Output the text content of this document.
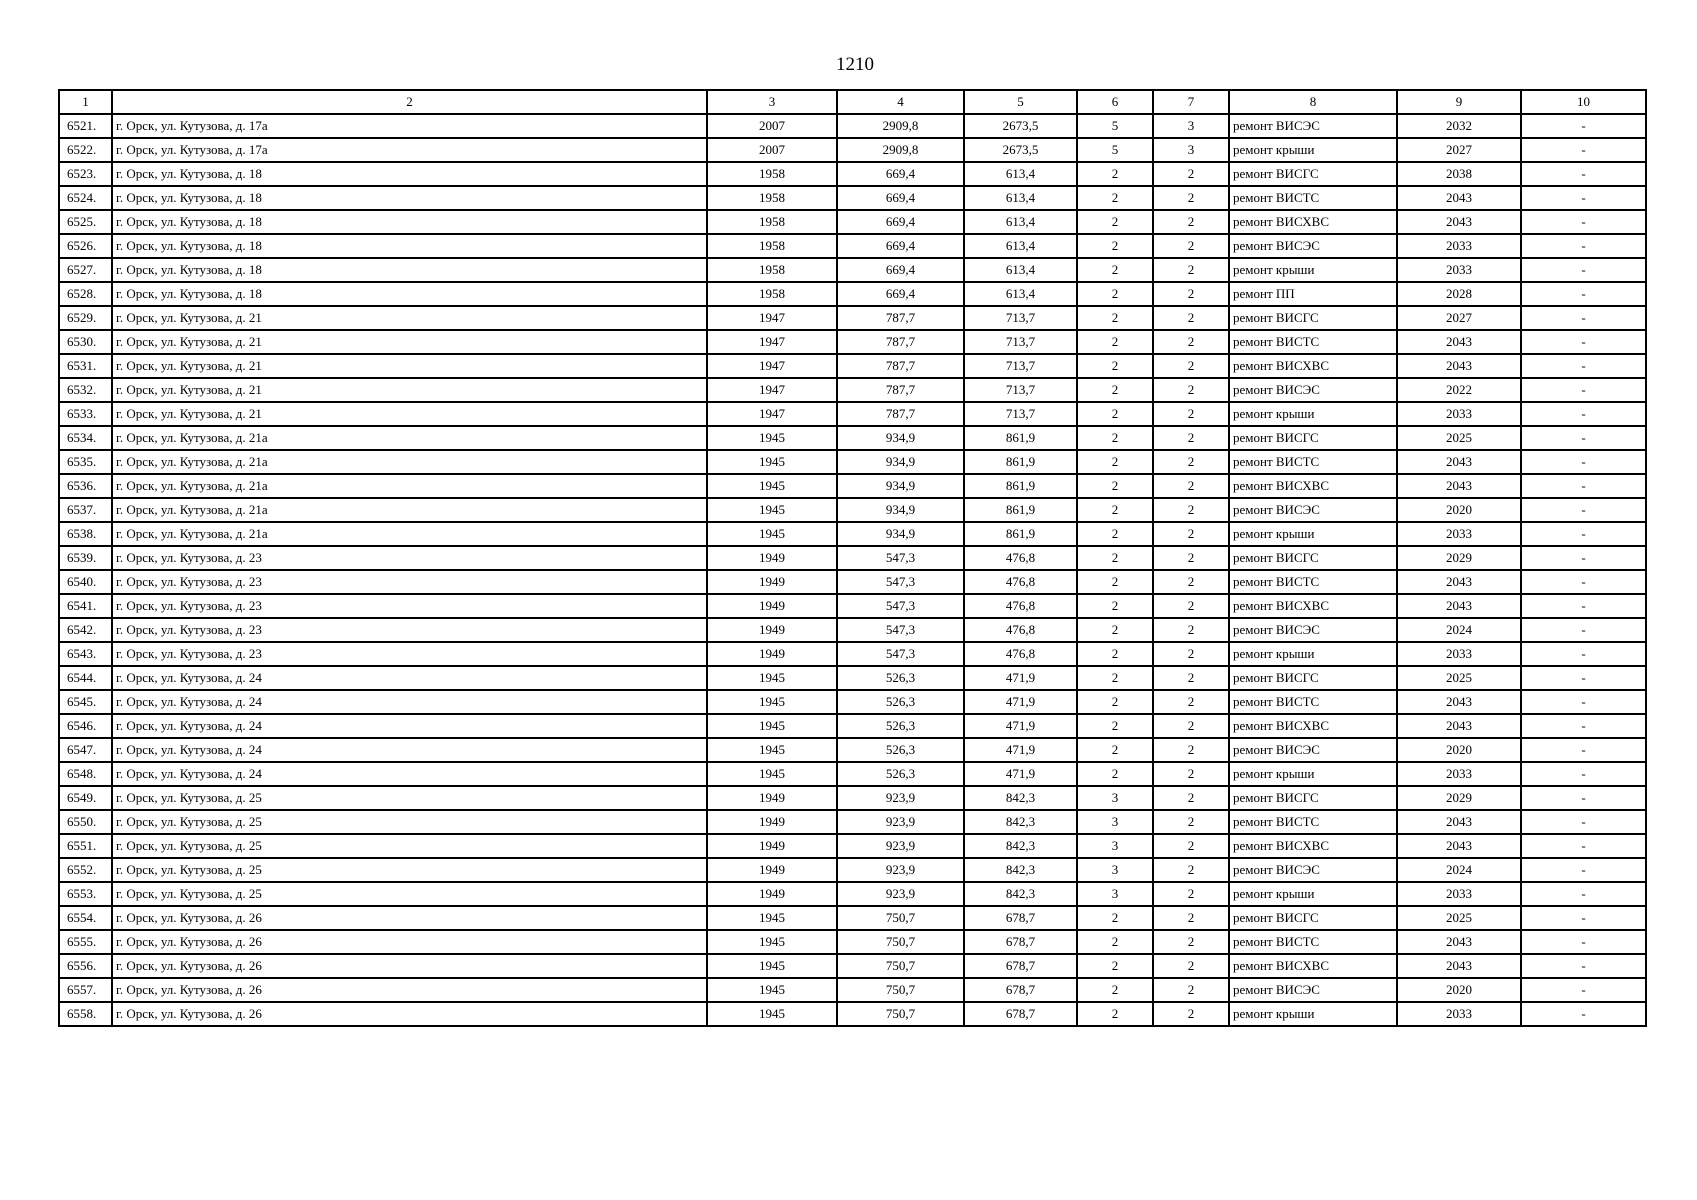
1210
1	2	3	4	5	6	7	8	9	10
6521.	г. Орск, ул. Кутузова, д. 17а	2007	2909,8	2673,5	5	3	ремонт ВИСЭС	2032	-
6522.	г. Орск, ул. Кутузова, д. 17а	2007	2909,8	2673,5	5	3	ремонт крыши	2027	-
6523.	г. Орск, ул. Кутузова, д. 18	1958	669,4	613,4	2	2	ремонт ВИСГС	2038	-
6524.	г. Орск, ул. Кутузова, д. 18	1958	669,4	613,4	2	2	ремонт ВИСТС	2043	-
6525.	г. Орск, ул. Кутузова, д. 18	1958	669,4	613,4	2	2	ремонт ВИСХВС	2043	-
6526.	г. Орск, ул. Кутузова, д. 18	1958	669,4	613,4	2	2	ремонт ВИСЭС	2033	-
6527.	г. Орск, ул. Кутузова, д. 18	1958	669,4	613,4	2	2	ремонт крыши	2033	-
6528.	г. Орск, ул. Кутузова, д. 18	1958	669,4	613,4	2	2	ремонт ПП	2028	-
6529.	г. Орск, ул. Кутузова, д. 21	1947	787,7	713,7	2	2	ремонт ВИСГС	2027	-
6530.	г. Орск, ул. Кутузова, д. 21	1947	787,7	713,7	2	2	ремонт ВИСТС	2043	-
6531.	г. Орск, ул. Кутузова, д. 21	1947	787,7	713,7	2	2	ремонт ВИСХВС	2043	-
6532.	г. Орск, ул. Кутузова, д. 21	1947	787,7	713,7	2	2	ремонт ВИСЭС	2022	-
6533.	г. Орск, ул. Кутузова, д. 21	1947	787,7	713,7	2	2	ремонт крыши	2033	-
6534.	г. Орск, ул. Кутузова, д. 21а	1945	934,9	861,9	2	2	ремонт ВИСГС	2025	-
6535.	г. Орск, ул. Кутузова, д. 21а	1945	934,9	861,9	2	2	ремонт ВИСТС	2043	-
6536.	г. Орск, ул. Кутузова, д. 21а	1945	934,9	861,9	2	2	ремонт ВИСХВС	2043	-
6537.	г. Орск, ул. Кутузова, д. 21а	1945	934,9	861,9	2	2	ремонт ВИСЭС	2020	-
6538.	г. Орск, ул. Кутузова, д. 21а	1945	934,9	861,9	2	2	ремонт крыши	2033	-
6539.	г. Орск, ул. Кутузова, д. 23	1949	547,3	476,8	2	2	ремонт ВИСГС	2029	-
6540.	г. Орск, ул. Кутузова, д. 23	1949	547,3	476,8	2	2	ремонт ВИСТС	2043	-
6541.	г. Орск, ул. Кутузова, д. 23	1949	547,3	476,8	2	2	ремонт ВИСХВС	2043	-
6542.	г. Орск, ул. Кутузова, д. 23	1949	547,3	476,8	2	2	ремонт ВИСЭС	2024	-
6543.	г. Орск, ул. Кутузова, д. 23	1949	547,3	476,8	2	2	ремонт крыши	2033	-
6544.	г. Орск, ул. Кутузова, д. 24	1945	526,3	471,9	2	2	ремонт ВИСГС	2025	-
6545.	г. Орск, ул. Кутузова, д. 24	1945	526,3	471,9	2	2	ремонт ВИСТС	2043	-
6546.	г. Орск, ул. Кутузова, д. 24	1945	526,3	471,9	2	2	ремонт ВИСХВС	2043	-
6547.	г. Орск, ул. Кутузова, д. 24	1945	526,3	471,9	2	2	ремонт ВИСЭС	2020	-
6548.	г. Орск, ул. Кутузова, д. 24	1945	526,3	471,9	2	2	ремонт крыши	2033	-
6549.	г. Орск, ул. Кутузова, д. 25	1949	923,9	842,3	3	2	ремонт ВИСГС	2029	-
6550.	г. Орск, ул. Кутузова, д. 25	1949	923,9	842,3	3	2	ремонт ВИСТС	2043	-
6551.	г. Орск, ул. Кутузова, д. 25	1949	923,9	842,3	3	2	ремонт ВИСХВС	2043	-
6552.	г. Орск, ул. Кутузова, д. 25	1949	923,9	842,3	3	2	ремонт ВИСЭС	2024	-
6553.	г. Орск, ул. Кутузова, д. 25	1949	923,9	842,3	3	2	ремонт крыши	2033	-
6554.	г. Орск, ул. Кутузова, д. 26	1945	750,7	678,7	2	2	ремонт ВИСГС	2025	-
6555.	г. Орск, ул. Кутузова, д. 26	1945	750,7	678,7	2	2	ремонт ВИСТС	2043	-
6556.	г. Орск, ул. Кутузова, д. 26	1945	750,7	678,7	2	2	ремонт ВИСХВС	2043	-
6557.	г. Орск, ул. Кутузова, д. 26	1945	750,7	678,7	2	2	ремонт ВИСЭС	2020	-
6558.	г. Орск, ул. Кутузова, д. 26	1945	750,7	678,7	2	2	ремонт крыши	2033	-
